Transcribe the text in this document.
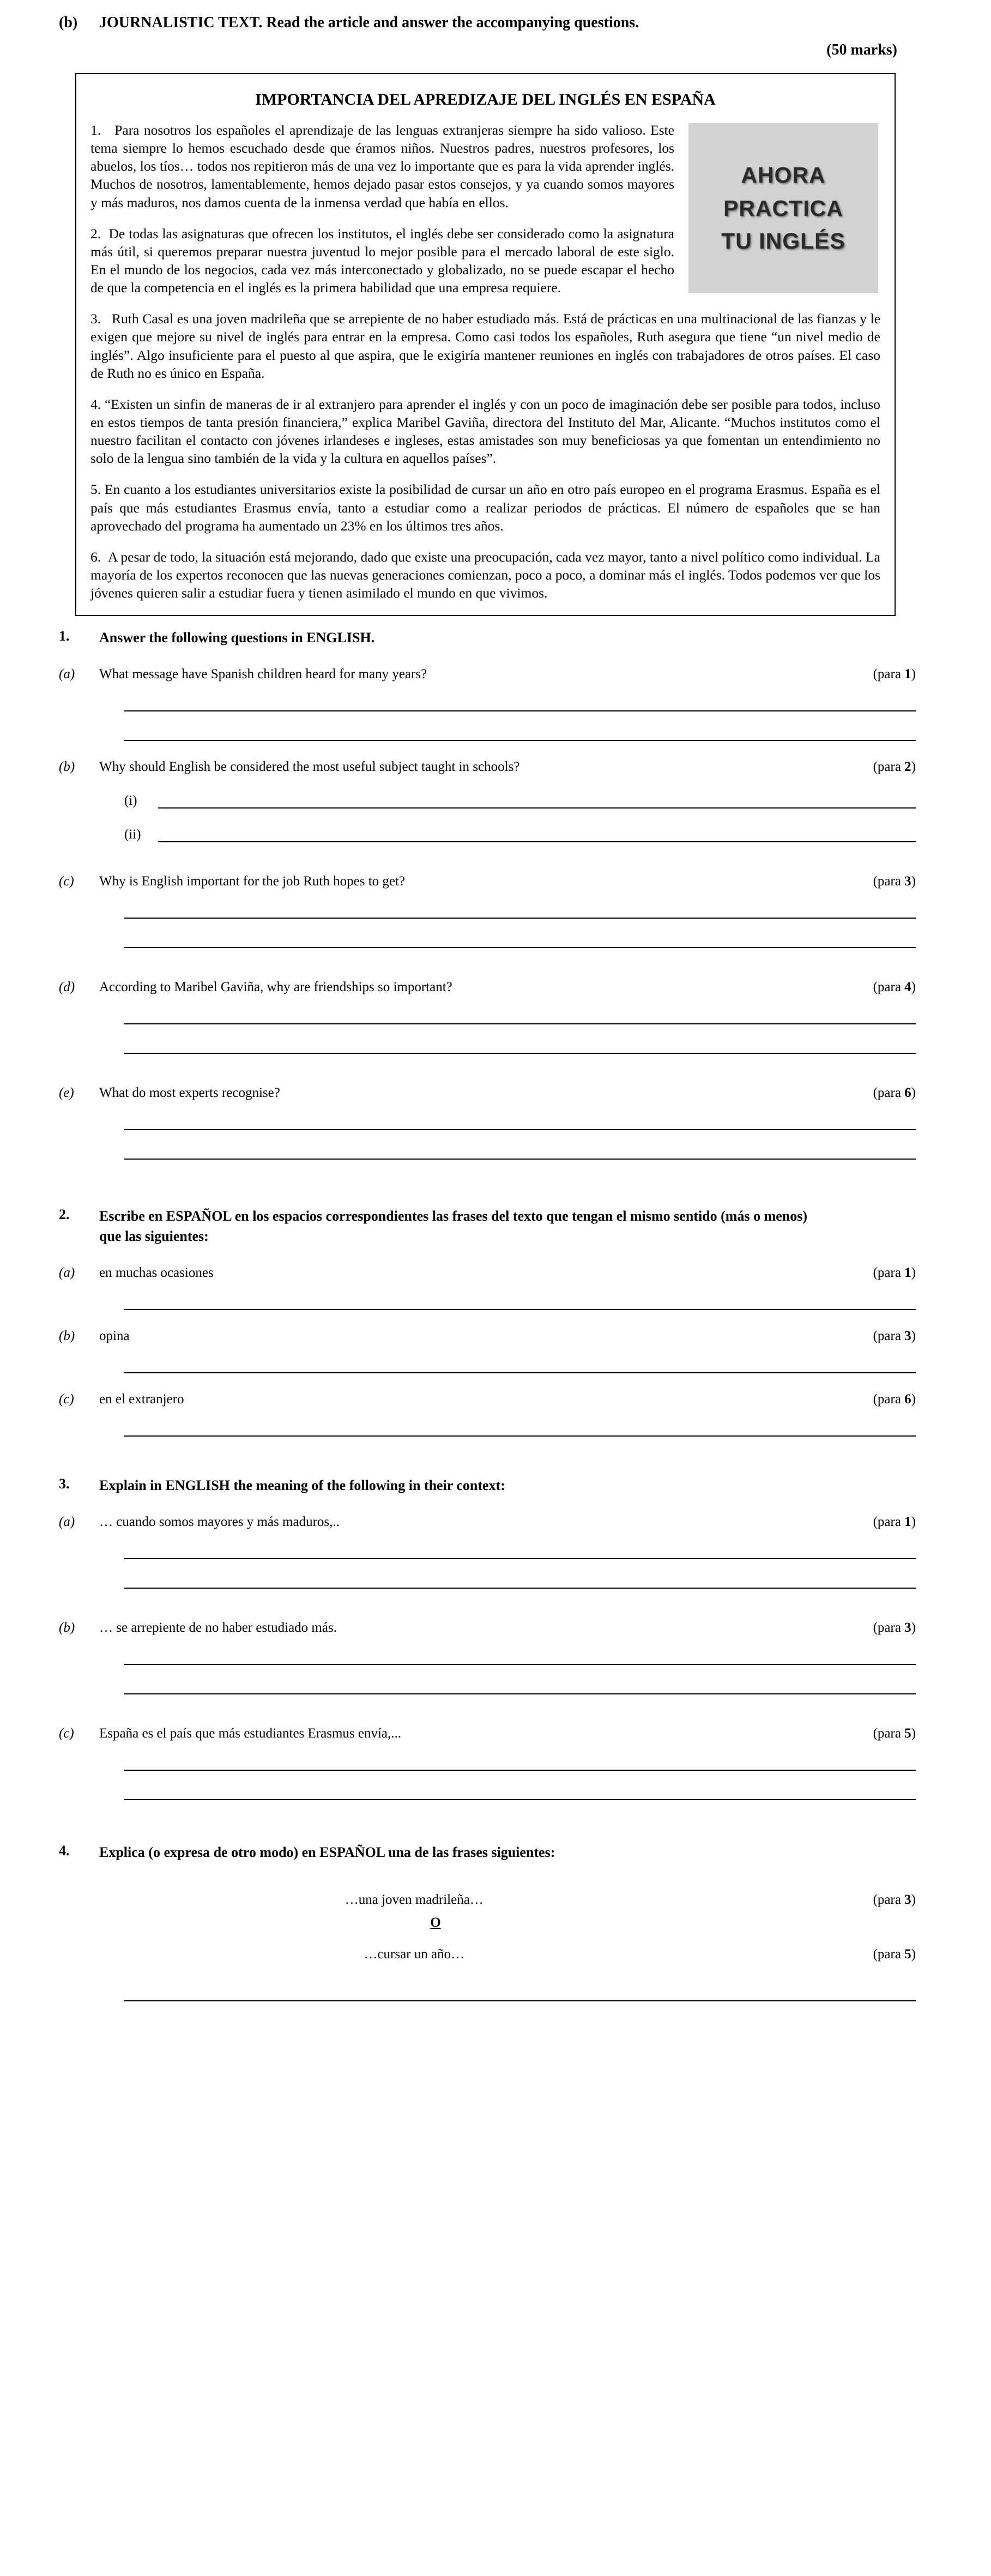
(b)	JOURNALISTIC TEXT. Read the article and answer the accompanying questions.
(50 marks)
IMPORTANCIA DEL APREDIZAJE DEL INGLÉS EN ESPAÑA
AHORA
PRACTICA
TU INGLÉS

1. Para nosotros los españoles el aprendizaje de las lenguas extranjeras siempre ha sido valioso. Este tema siempre lo hemos escuchado desde que éramos niños. Nuestros padres, nuestros profesores, los abuelos, los tíos… todos nos repitieron más de una vez lo importante que es para la vida aprender inglés. Muchos de nosotros, lamentablemente, hemos dejado pasar estos consejos, y ya cuando somos mayores y más maduros, nos damos cuenta de la inmensa verdad que había en ellos.

2. De todas las asignaturas que ofrecen los institutos, el inglés debe ser considerado como la asignatura más útil, si queremos preparar nuestra juventud lo mejor posible para el mercado laboral de este siglo. En el mundo de los negocios, cada vez más interconectado y globalizado, no se puede escapar el hecho de que la competencia en el inglés es la primera habilidad que una empresa requiere.

3. Ruth Casal es una joven madrileña que se arrepiente de no haber estudiado más. Está de prácticas en una multinacional de las fianzas y le exigen que mejore su nivel de inglés para entrar en la empresa. Como casi todos los españoles, Ruth asegura que tiene “un nivel medio de inglés”. Algo insuficiente para el puesto al que aspira, que le exigiría mantener reuniones en inglés con trabajadores de otros países. El caso de Ruth no es único en España.

4. “Existen un sinfin de maneras de ir al extranjero para aprender el inglés y con un poco de imaginación debe ser posible para todos, incluso en estos tiempos de tanta presión financiera,” explica Maribel Gaviña, directora del Instituto del Mar, Alicante. “Muchos institutos como el nuestro facilitan el contacto con jóvenes irlandeses e ingleses, estas amistades son muy beneficiosas ya que fomentan un entendimiento no solo de la lengua sino también de la vida y la cultura en aquellos países”.

5. En cuanto a los estudiantes universitarios existe la posibilidad de cursar un año en otro país europeo en el programa Erasmus. España es el país que más estudiantes Erasmus envía, tanto a estudiar como a realizar periodos de prácticas. El número de españoles que se han aprovechado del programa ha aumentado un 23% en los últimos tres años.

6. A pesar de todo, la situación está mejorando, dado que existe una preocupación, cada vez mayor, tanto a nivel político como individual. La mayoría de los expertos reconocen que las nuevas generaciones comienzan, poco a poco, a dominar más el inglés. Todos podemos ver que los jóvenes quieren salir a estudiar fuera y tienen asimilado el mundo en que vivimos.

1.	Answer the following questions in ENGLISH.
(a)	What message have Spanish children heard for many years?	(para 1)
(b)	Why should English be considered the most useful subject taught in schools?	(para 2)
(i)
(ii)
(c)	Why is English important for the job Ruth hopes to get?	(para 3)
(d)	According to Maribel Gaviña, why are friendships so important?	(para 4)
(e)	What do most experts recognise?	(para 6)
2.	Escribe en ESPAÑOL en los espacios correspondientes las frases del texto que tengan el mismo sentido (más o menos) que las siguientes:
(a)	en muchas ocasiones	(para 1)
(b)	opina	(para 3)
(c)	en el extranjero	(para 6)
3.	Explain in ENGLISH the meaning of the following in their context:
(a)	… cuando somos mayores y más maduros,..	(para 1)
(b)	… se arrepiente de no haber estudiado más.	(para 3)
(c)	España es el país que más estudiantes Erasmus envía,...	(para 5)
4.	Explica (o expresa de otro modo) en ESPAÑOL una de las frases siguientes:
…una joven madrileña…	(para 3)
O
…cursar un año…	(para 5)
